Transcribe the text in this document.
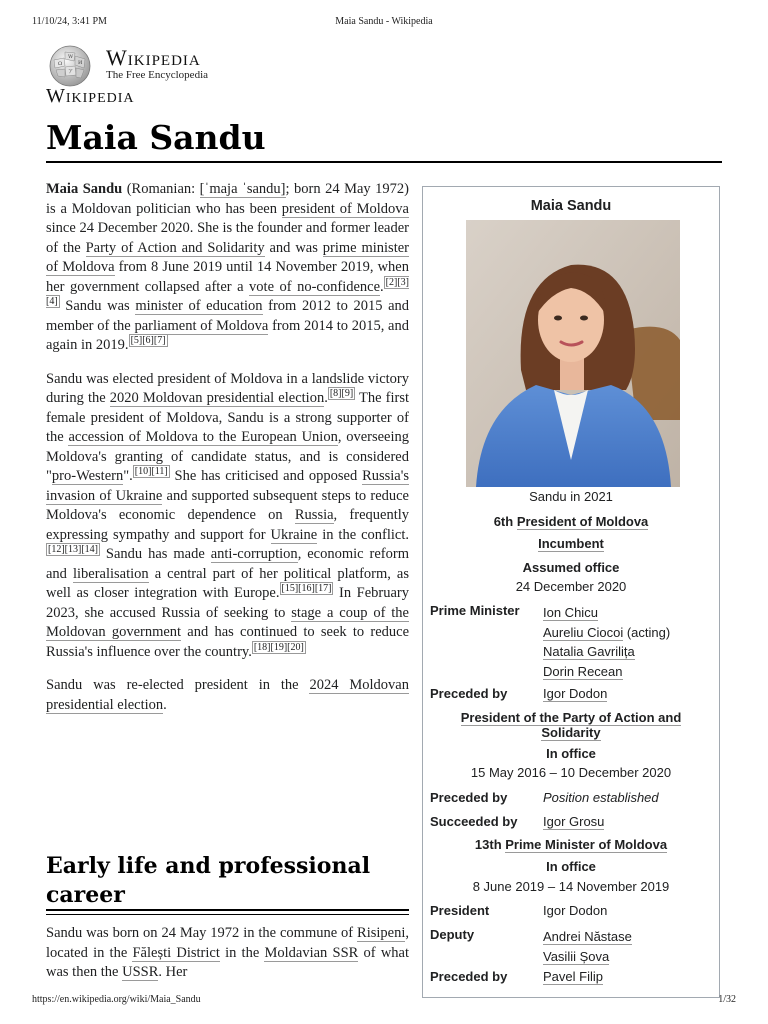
11/10/24, 3:41 PM	Maia Sandu - Wikipedia
Ω
W
И
ア
Wikipedia
The Free Encyclopedia
Wikipedia
Maia Sandu

Maia Sandu (Romanian: [ˈmaja ˈsandu]; born 24 May 1972) is a Moldovan politician who has been president of Moldova since 24 December 2020. She is the founder and former leader of the Party of Action and Solidarity and was prime minister of Moldova from 8 June 2019 until 14 November 2019, when her government collapsed after a vote of no-confidence. [2][3][4] Sandu was minister of education from 2012 to 2015 and member of the parliament of Moldova from 2014 to 2015, and again in 2019. [5][6][7]

Sandu was elected president of Moldova in a landslide victory during the 2020 Moldovan presidential election. [8][9] The first female president of Moldova, Sandu is a strong supporter of the accession of Moldova to the European Union, overseeing Moldova's granting of candidate status, and is considered "pro-Western". [10][11] She has criticised and opposed Russia's invasion of Ukraine and supported subsequent steps to reduce Moldova's economic dependence on Russia, frequently expressing sympathy and support for Ukraine in the conflict.[12][13][14] Sandu has made anti-corruption, economic reform and liberalisation a central part of her political platform, as well as closer integration with Europe. [15][16][17] In February 2023, she accused Russia of seeking to stage a coup of the Moldovan government and has continued to seek to reduce Russia's influence over the country. [18][19][20]

Sandu was re-elected president in the 2024 Moldovan presidential election.

Early life and professional career

Sandu was born on 24 May 1972 in the commune of Risipeni, located in the Fălești District in the Moldavian SSR of what was then the USSR. Her

Maia Sandu
Sandu in 2021
6th President of Moldova
Incumbent
Assumed office
24 December 2020
Prime Minister Ion Chicu
Aureliu Ciocoi (acting)
Natalia Gavrilița
Dorin Recean
Preceded by	Igor Dodon
President of the Party of Action and Solidarity
In office
15 May 2016 – 10 December 2020
Preceded by	Position established
Succeeded by Igor Grosu
13th Prime Minister of Moldova
In office
8 June 2019 – 14 November 2019
President	Igor Dodon
Deputy	Andrei Năstase
Vasilii Șova
Preceded by	Pavel Filip
https://en.wikipedia.org/wiki/Maia_Sandu	1/32
